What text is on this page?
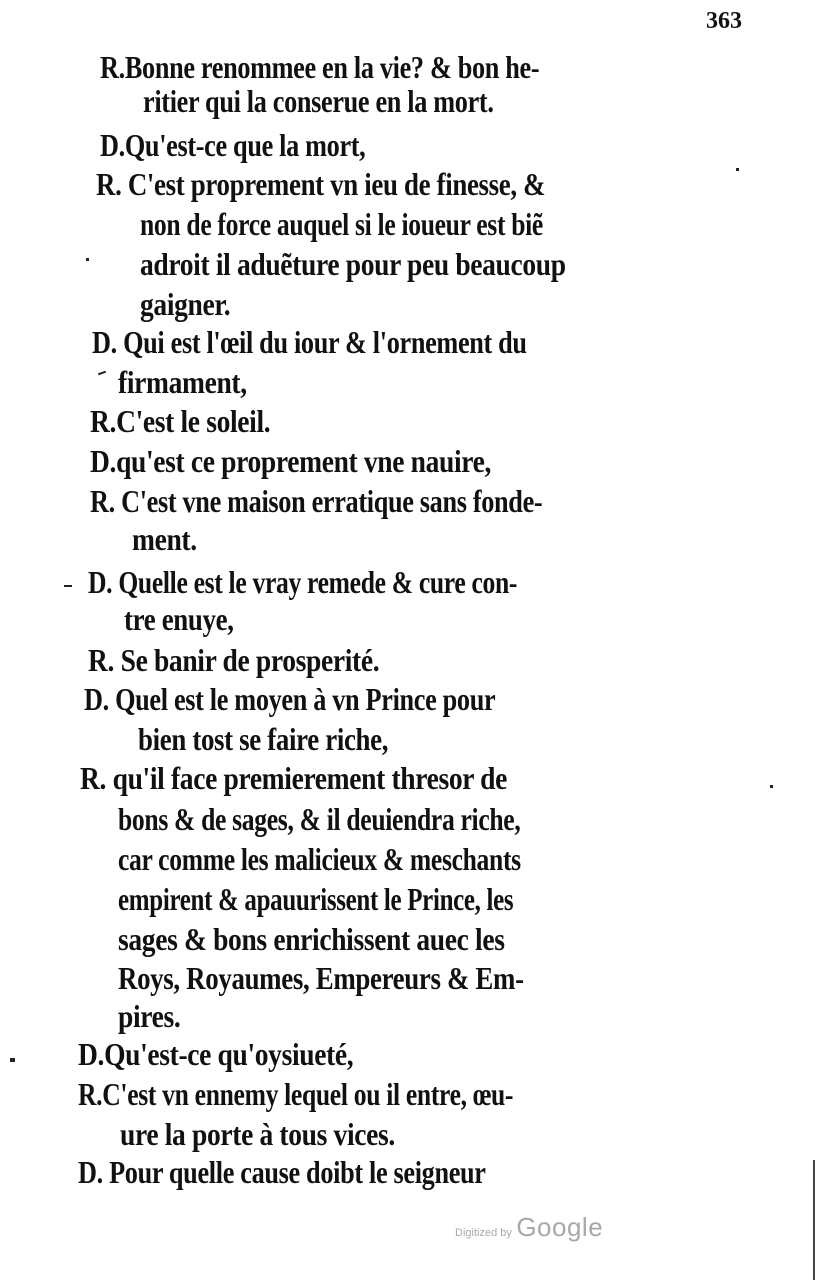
363
R.Bonne renommee en la vie? & bon he-
ritier qui la conserue en la mort.
D.Qu'est-ce que la mort,
R. C'est proprement vn ieu de finesse, &
non de force auquel si le ioueur est biẽ
adroit il aduẽture pour peu beaucoup
gaigner.
D. Qui est l'œil du iour & l'ornement du
firmament,
R.C'est le soleil.
D.qu'est ce proprement vne nauire,
R. C'est vne maison erratique sans fonde-
ment.
D. Quelle est le vray remede & cure con-
tre enuye,
R. Se banir de prosperité.
D. Quel est le moyen à vn Prince pour
bien tost se faire riche,
R. qu'il face premierement thresor de
bons & de sages, & il deuiendra riche,
car comme les malicieux & meschants
empirent & apauurissent le Prince, les
sages & bons enrichissent auec les
Roys, Royaumes, Empereurs & Em-
pires.
D.Qu'est-ce qu'oysiueté,
R.C'est vn ennemy lequel ou il entre, œu-
ure la porte à tous vices.
D. Pour quelle cause doibt le seigneur
Digitized by Google
